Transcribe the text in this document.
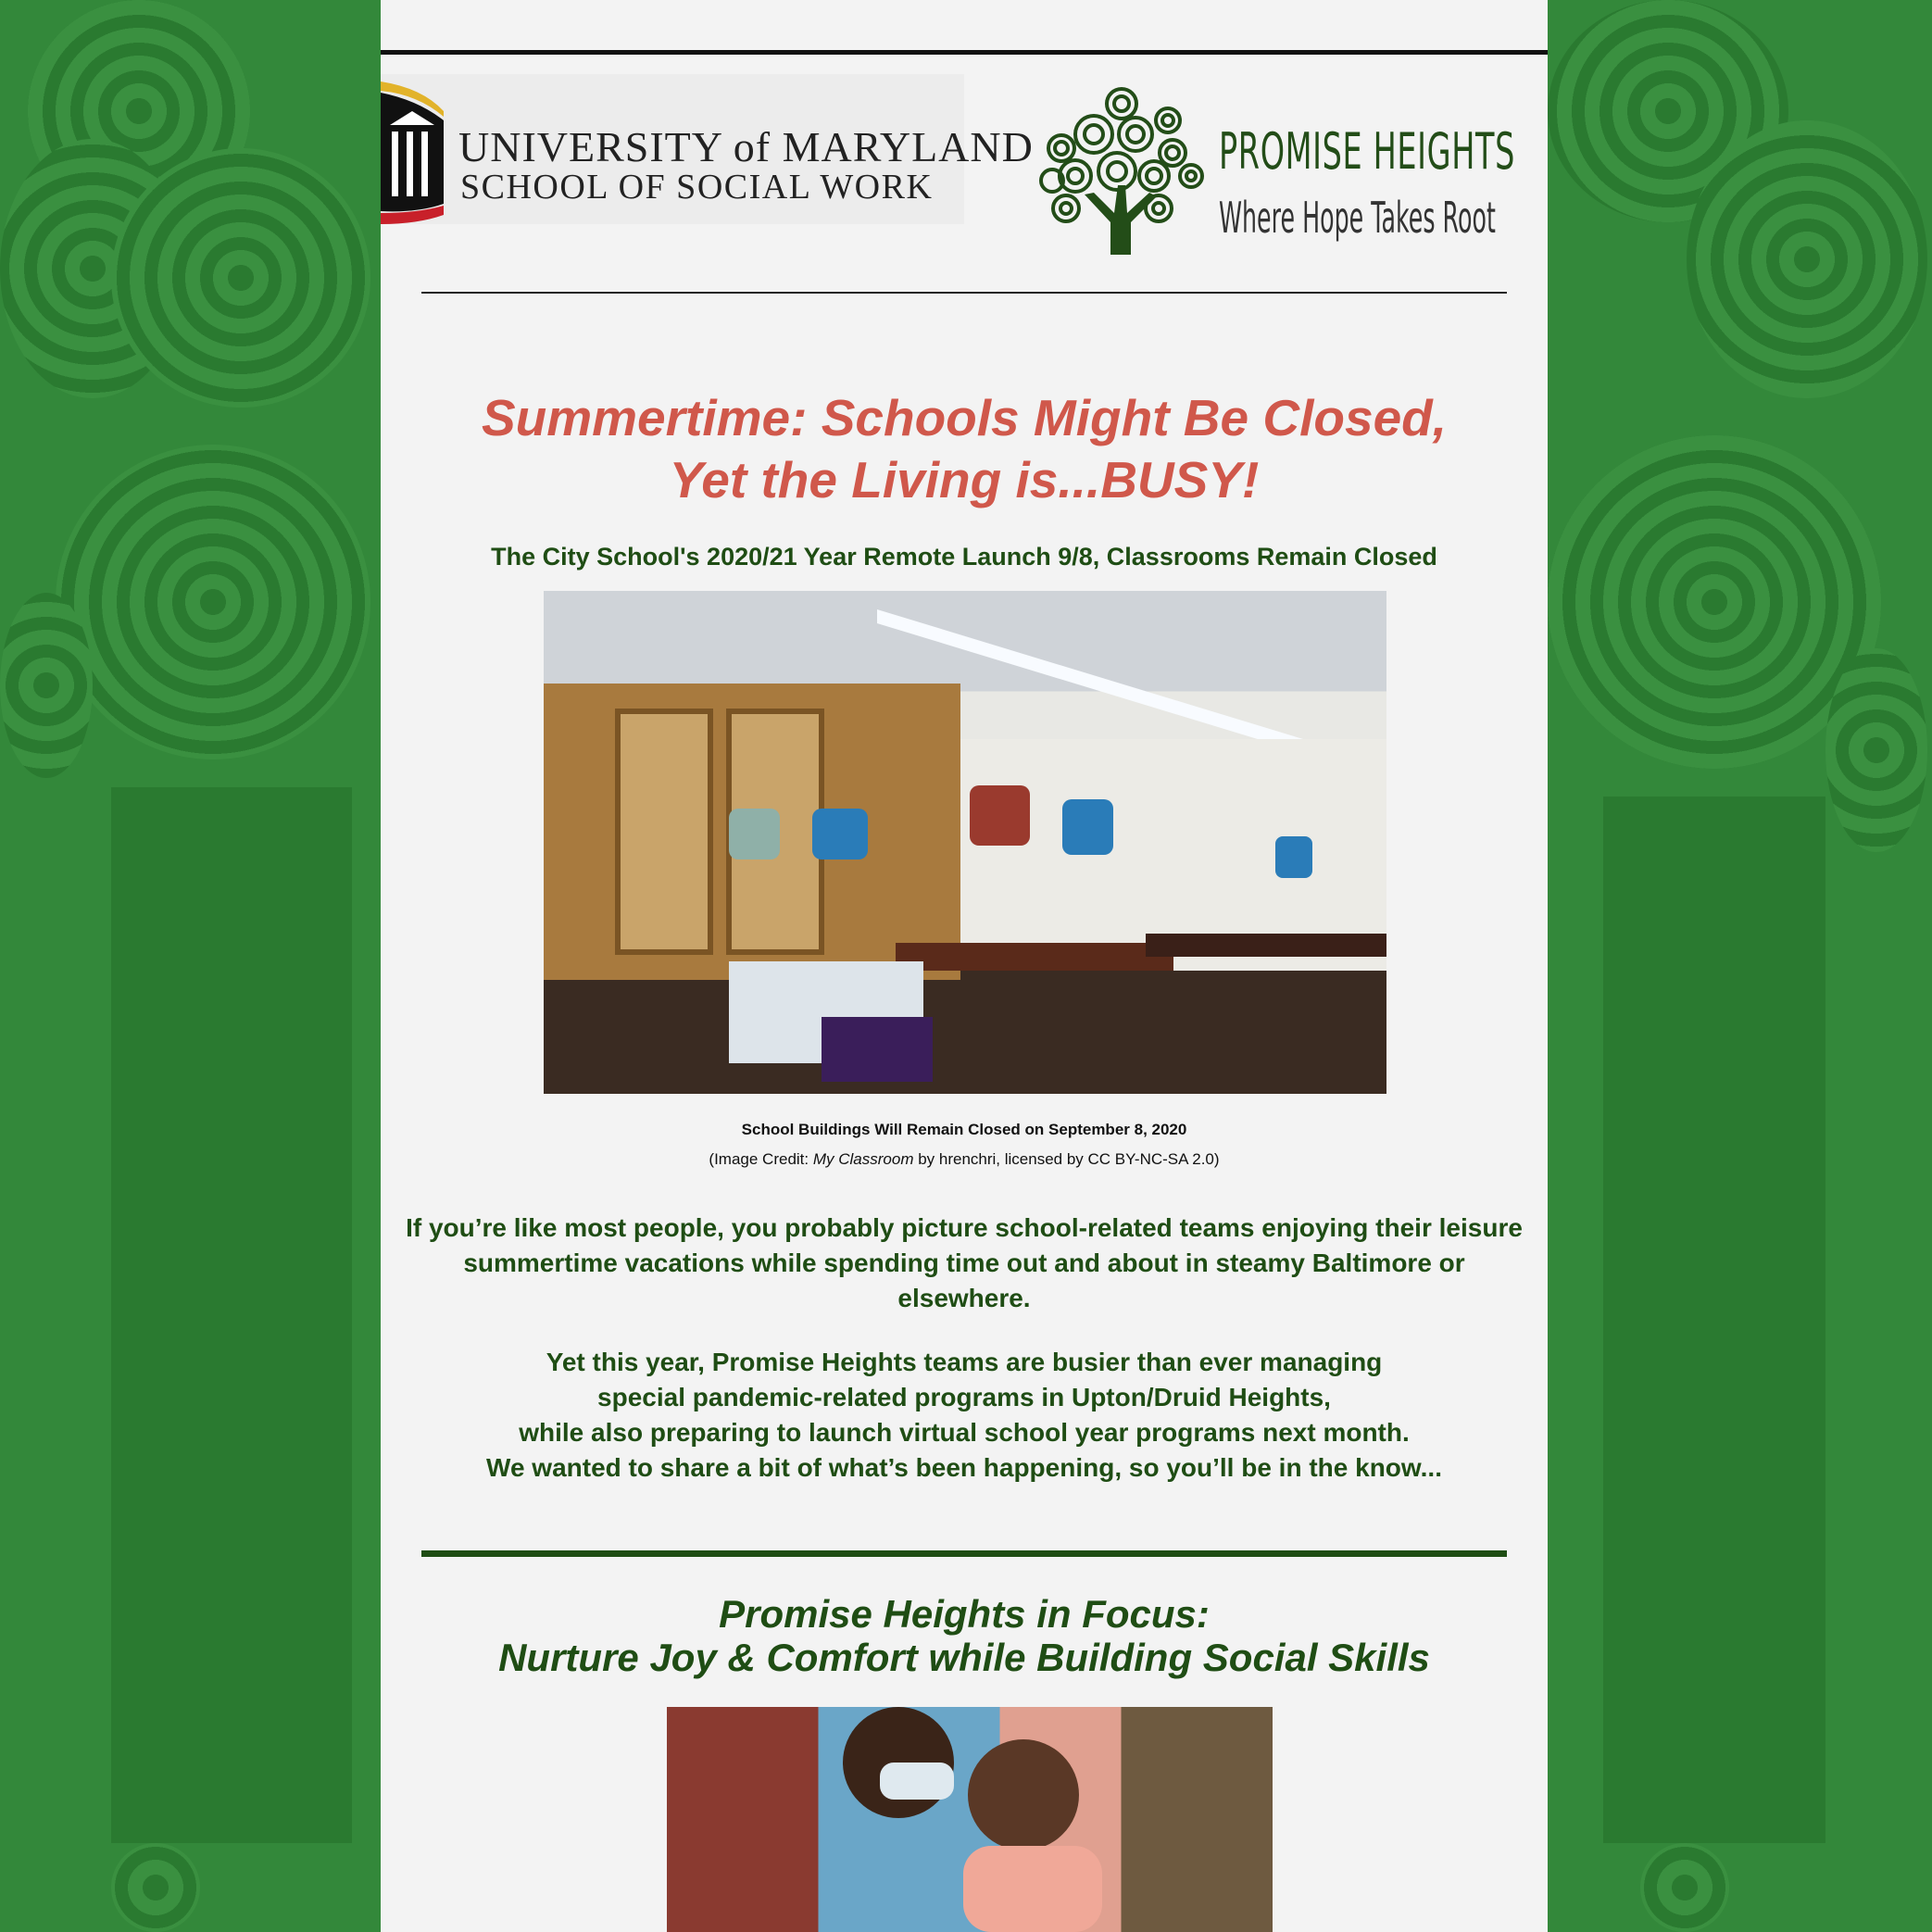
UNIVERSITY of MARYLAND
SCHOOL OF SOCIAL WORK
PROMISE HEIGHTS
Where Hope Takes Root
Summertime: Schools Might Be Closed,
Yet the Living is...BUSY!
The City School's 2020/21 Year Remote Launch 9/8, Classrooms Remain Closed
School Buildings Will Remain Closed on September 8, 2020
(Image Credit: My Classroom by hrenchri, licensed by CC BY-NC-SA 2.0)

If you’re like most people, you probably picture school-related teams enjoying their leisure summertime vacations while spending time out and about in steamy Baltimore or elsewhere.

Yet this year, Promise Heights teams are busier than ever managing
special pandemic-related programs in Upton/Druid Heights,
while also preparing to launch virtual school year programs next month.
We wanted to share a bit of what’s been happening, so you’ll be in the know...
Promise Heights in Focus:
Nurture Joy & Comfort while Building Social Skills
